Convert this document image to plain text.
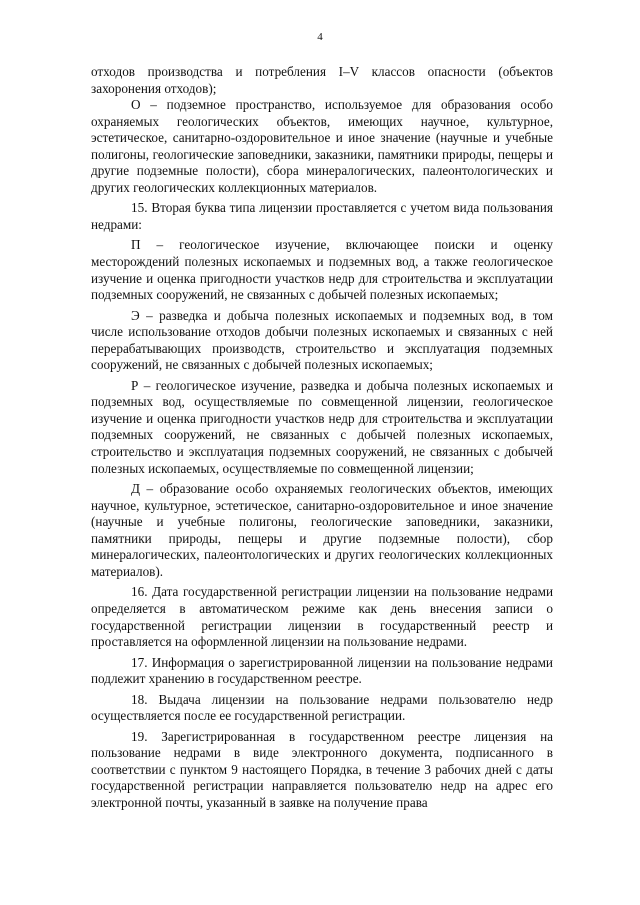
4

отходов производства и потребления I–V классов опасности (объектов захоронения отходов);

О – подземное пространство, используемое для образования особо охраняемых геологических объектов, имеющих научное, культурное, эстетическое, санитарно-оздоровительное и иное значение (научные и учебные полигоны, геологические заповедники, заказники, памятники природы, пещеры и другие подземные полости), сбора минералогических, палеонтологических и других геологических коллекционных материалов.

15. Вторая буква типа лицензии проставляется с учетом вида пользования недрами:

П – геологическое изучение, включающее поиски и оценку месторождений полезных ископаемых и подземных вод, а также геологическое изучение и оценка пригодности участков недр для строительства и эксплуатации подземных сооружений, не связанных с добычей полезных ископаемых;

Э – разведка и добыча полезных ископаемых и подземных вод, в том числе использование отходов добычи полезных ископаемых и связанных с ней перерабатывающих производств, строительство и эксплуатация подземных сооружений, не связанных с добычей полезных ископаемых;

Р – геологическое изучение, разведка и добыча полезных ископаемых и подземных вод, осуществляемые по совмещенной лицензии, геологическое изучение и оценка пригодности участков недр для строительства и эксплуатации подземных сооружений, не связанных с добычей полезных ископаемых, строительство и эксплуатация подземных сооружений, не связанных с добычей полезных ископаемых, осуществляемые по совмещенной лицензии;

Д – образование особо охраняемых геологических объектов, имеющих научное, культурное, эстетическое, санитарно-оздоровительное и иное значение (научные и учебные полигоны, геологические заповедники, заказники, памятники природы, пещеры и другие подземные полости), сбор минералогических, палеонтологических и других геологических коллекционных материалов).

16. Дата государственной регистрации лицензии на пользование недрами определяется в автоматическом режиме как день внесения записи о государственной регистрации лицензии в государственный реестр и проставляется на оформленной лицензии на пользование недрами.

17. Информация о зарегистрированной лицензии на пользование недрами подлежит хранению в государственном реестре.

18. Выдача лицензии на пользование недрами пользователю недр осуществляется после ее государственной регистрации.

19. Зарегистрированная в государственном реестре лицензия на пользование недрами в виде электронного документа, подписанного в соответствии с пунктом 9 настоящего Порядка, в течение 3 рабочих дней с даты государственной регистрации направляется пользователю недр на адрес его электронной почты, указанный в заявке на получение права
